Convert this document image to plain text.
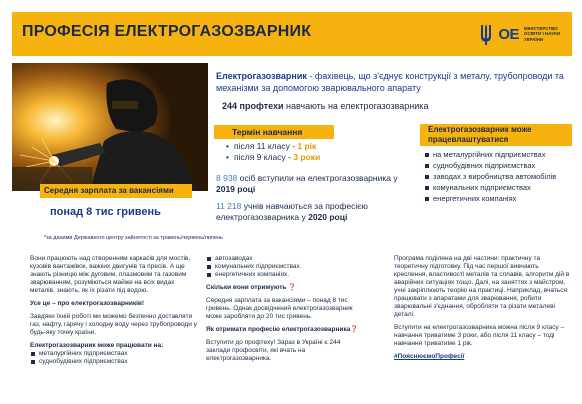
ПРОФЕСІЯ ЕЛЕКТРОГАЗОЗВАРНИК	ОЕ МІНІСТЕРСТВО
ОСВІТИ І НАУКИ
УКРАЇНИ
Середня зарплата за вакансіями *
понад 8 тис гривень
Електрогазозварник - фахівець, що з'єднує конструкції з металу, трубопроводи та механізми за допомогою зварювального апарату
244 профтехи навчають на електрогазозварника
Термін навчання
• після 11 класу - 1 рік
• після 9 класу - 3 роки
8 938 осіб вступили на електрогазозварника у 2019 році
11 218 учнів навчаються за професією електрогазозварника у 2020 році
Електрогазозварник може працевлаштуватися
на металургійних підприємствах
суднобудівних підприємствах
заводах з виробництва автомобілів
комунальних підприємствах
енергетичних компаніях
*за даними Державного центру зайнятості за травень/червень/липень

Вони працюють над створенням каркасів для мостів, кузовів вантажівок, важких двигунів та пресів. А ще знають різницю між дуговим, плазмовим та газовим зварюванням, розуміються майже на всіх видах металів, знають, як їх різати під водою.

Усе це – про електрогазозварників!

Завдяки їхній роботі ми можемо безпечно доставляти газ, нафту, гарячу і холодну воду через трубопроводи у будь-яку точку країни.

Електрогазозварник може працювати на:

металургійних підприємствах
суднобудівних підприємствах
автозаводах
комунальних підприємствах
енергетичних компаніях.

Скільки вони отримують ❓

Середня зарплата за вакансіями – понад 8 тис гривень. Однак досвідчений електрогазозварник може заробляти до 20 тис гривень.

Як отримати професію електрогазозварника❓

Вступити до профтеху! Зараз в Україні є 244 заклади профосвіти, які вчать на електрогазозварника.

Програма поділена на дві частини: практичну та теоретичну підготовку. Під час першої вивчають креслення, властивості металів та сплавів, алгоритм дій в аварійних ситуаціях тощо. Далі, на заняттях з майстром, учні закріплюють теорію на практиці. Наприклад, вчаться працювати з апаратами для зварювання, робити зварювальні з'єднання, обробляти та різати металеві деталі.

Вступити на електрогазозварника можна після 9 класу – навчання триватиме 3 роки, або після 11 класу – тоді навчання триватиме 1 рік.

#ПояснюємоПрофесії
